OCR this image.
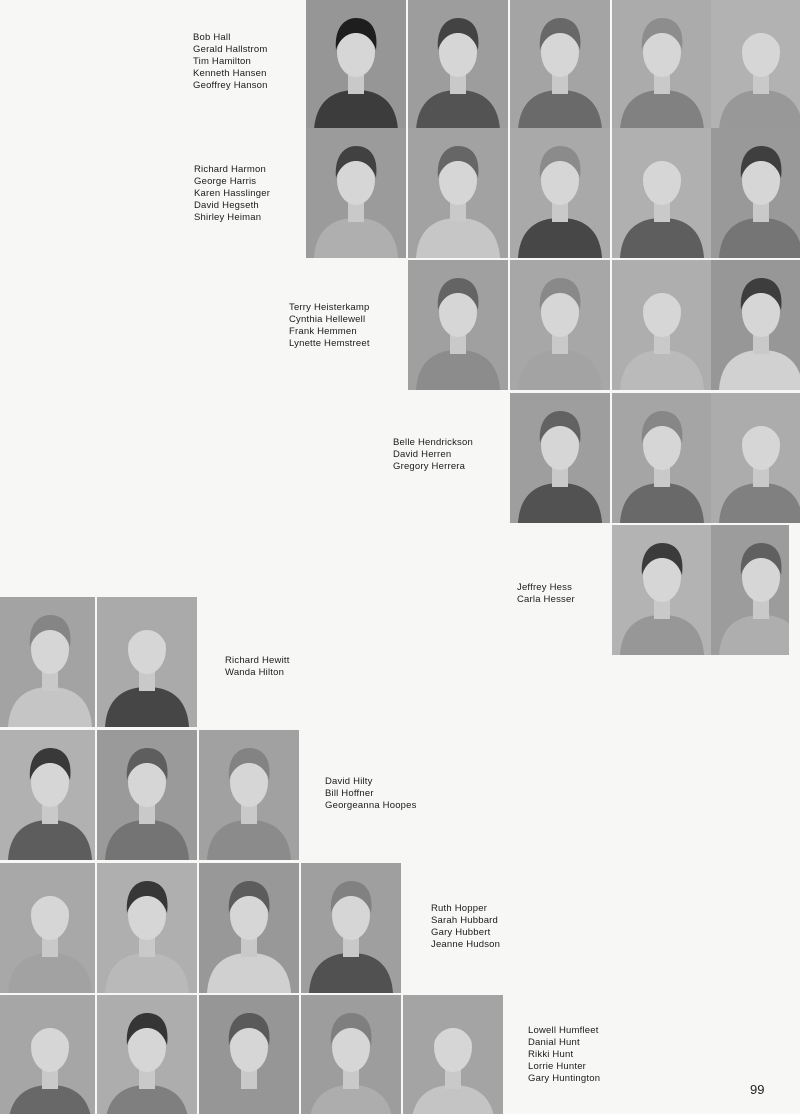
Bob Hall
Gerald Hallstrom
Tim Hamilton
Kenneth Hansen
Geoffrey Hanson
Richard Harmon
George Harris
Karen Hasslinger
David Hegseth
Shirley Heiman
Terry Heisterkamp
Cynthia Hellewell
Frank Hemmen
Lynette Hemstreet
Belle Hendrickson
David Herren
Gregory Herrera
Jeffrey Hess
Carla Hesser
Richard Hewitt
Wanda Hilton
David Hilty
Bill Hoffner
Georgeanna Hoopes
Ruth Hopper
Sarah Hubbard
Gary Hubbert
Jeanne Hudson
Lowell Humfleet
Danial Hunt
Rikki Hunt
Lorrie Hunter
Gary Huntington
99
